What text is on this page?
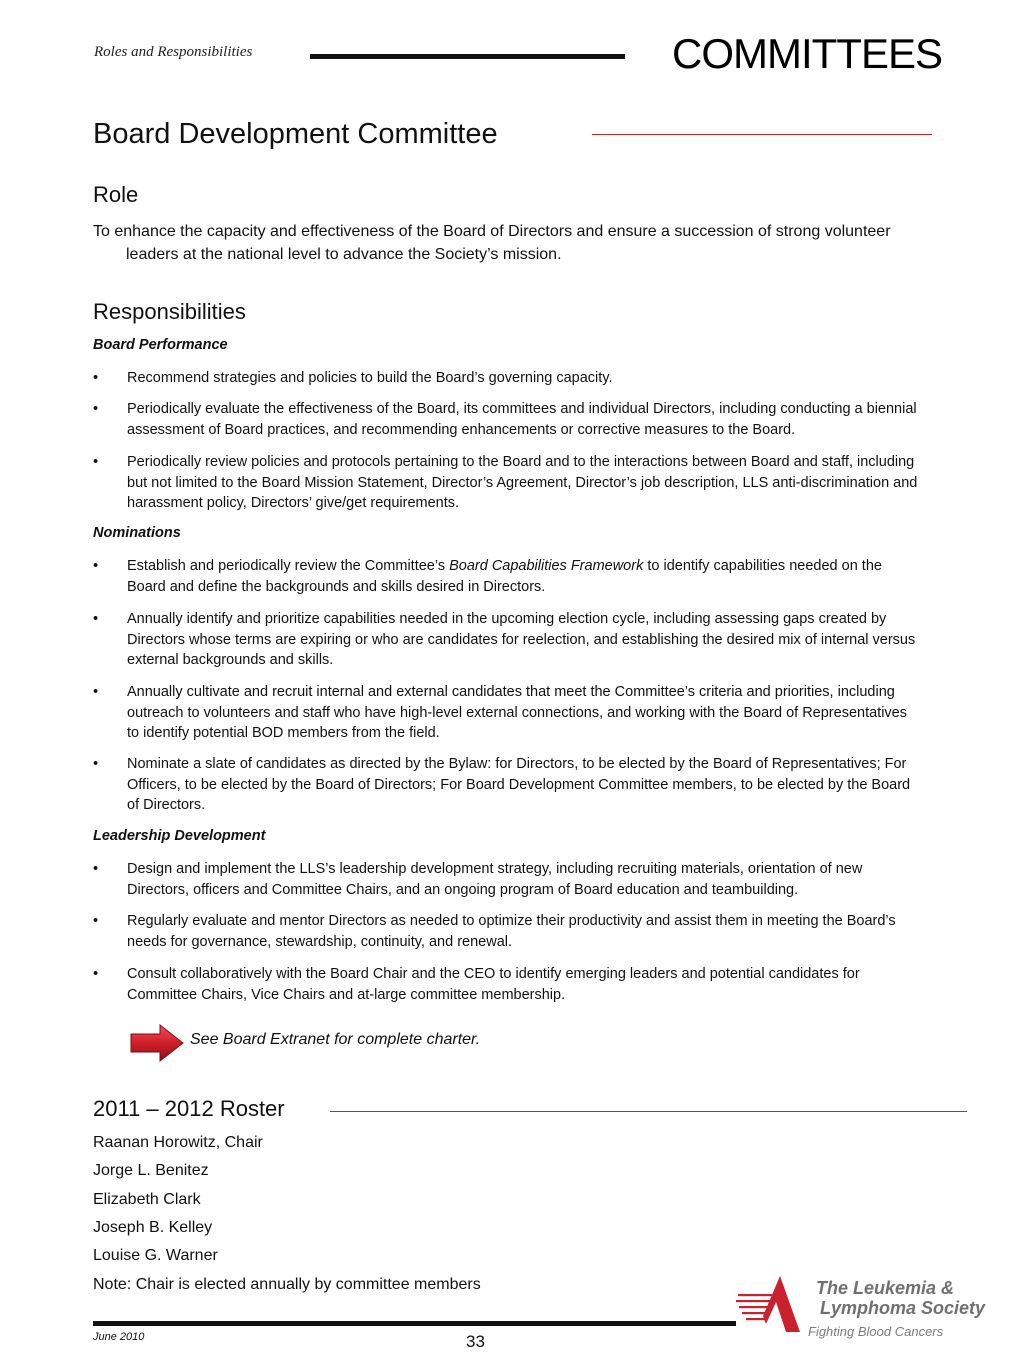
Roles and Responsibilities	COMMITTEES
Board Development Committee
Role
To enhance the capacity and effectiveness of the Board of Directors and ensure a succession of strong volunteer leaders at the national level to advance the Society’s mission.
Responsibilities
Board Performance
• Recommend strategies and policies to build the Board’s governing capacity.
• Periodically evaluate the effectiveness of the Board, its committees and individual Directors, including conducting a biennial assessment of Board practices, and recommending enhancements or corrective measures to the Board.
• Periodically review policies and protocols pertaining to the Board and to the interactions between Board and staff, including but not limited to the Board Mission Statement, Director’s Agreement, Director’s job description, LLS anti-discrimination and harassment policy, Directors’ give/get requirements.
Nominations
• Establish and periodically review the Committee’s Board Capabilities Framework to identify capabilities needed on the Board and define the backgrounds and skills desired in Directors.
• Annually identify and prioritize capabilities needed in the upcoming election cycle, including assessing gaps created by Directors whose terms are expiring or who are candidates for reelection, and establishing the desired mix of internal versus external backgrounds and skills.
• Annually cultivate and recruit internal and external candidates that meet the Committee’s criteria and priorities, including outreach to volunteers and staff who have high-level external connections, and working with the Board of Representatives to identify potential BOD members from the field.
• Nominate a slate of candidates as directed by the Bylaw: for Directors, to be elected by the Board of Representatives; For Officers, to be elected by the Board of Directors; For Board Development Committee members, to be elected by the Board of Directors.
Leadership Development
• Design and implement the LLS’s leadership development strategy, including recruiting materials, orientation of new Directors, officers and Committee Chairs, and an ongoing program of Board education and teambuilding.
• Regularly evaluate and mentor Directors as needed to optimize their productivity and assist them in meeting the Board’s needs for governance, stewardship, continuity, and renewal.
• Consult collaboratively with the Board Chair and the CEO to identify emerging leaders and potential candidates for Committee Chairs, Vice Chairs and at-large committee membership.
See Board Extranet for complete charter.
2011 – 2012 Roster
Raanan Horowitz, Chair
Jorge L. Benitez
Elizabeth Clark
Joseph B. Kelley
Louise G. Warner
Note: Chair is elected annually by committee members
June 2010	33
The Leukemia &
Lymphoma Society
Fighting Blood Cancers
